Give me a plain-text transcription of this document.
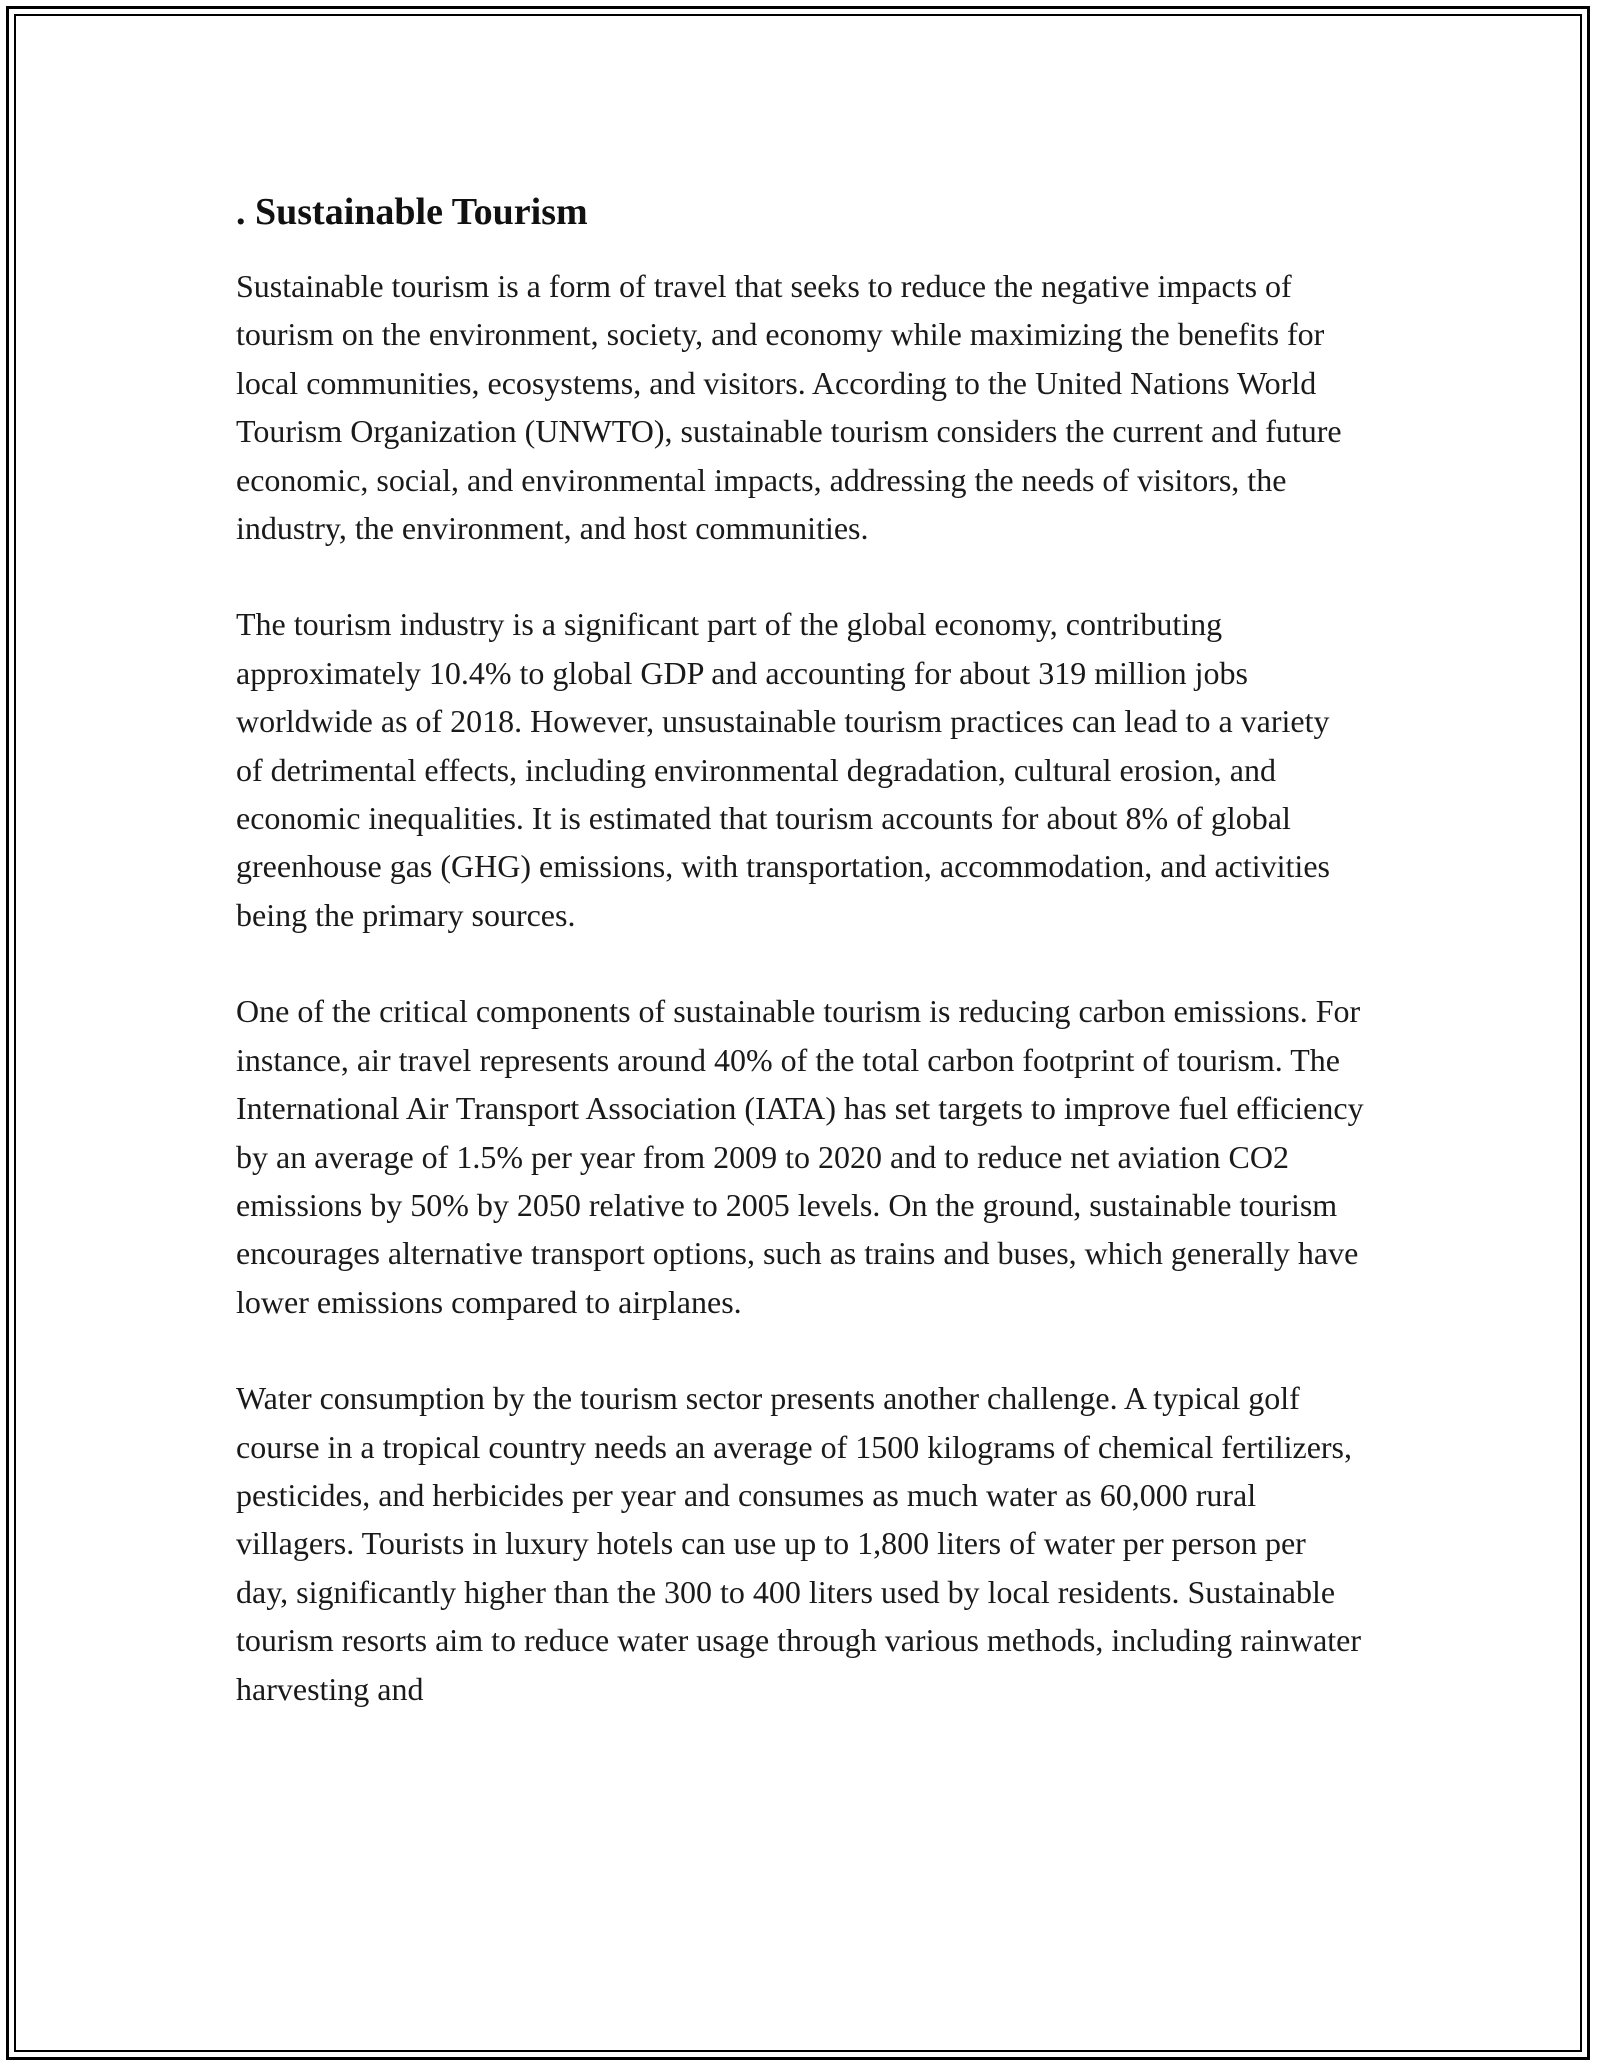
. Sustainable Tourism

Sustainable tourism is a form of travel that seeks to reduce the negative impacts of tourism on the environment, society, and economy while maximizing the benefits for local communities, ecosystems, and visitors. According to the United Nations World Tourism Organization (UNWTO), sustainable tourism considers the current and future economic, social, and environmental impacts, addressing the needs of visitors, the industry, the environment, and host communities.

The tourism industry is a significant part of the global economy, contributing approximately 10.4% to global GDP and accounting for about 319 million jobs worldwide as of 2018. However, unsustainable tourism practices can lead to a variety of detrimental effects, including environmental degradation, cultural erosion, and economic inequalities. It is estimated that tourism accounts for about 8% of global greenhouse gas (GHG) emissions, with transportation, accommodation, and activities being the primary sources.

One of the critical components of sustainable tourism is reducing carbon emissions. For instance, air travel represents around 40% of the total carbon footprint of tourism. The International Air Transport Association (IATA) has set targets to improve fuel efficiency by an average of 1.5% per year from 2009 to 2020 and to reduce net aviation CO2 emissions by 50% by 2050 relative to 2005 levels. On the ground, sustainable tourism encourages alternative transport options, such as trains and buses, which generally have lower emissions compared to airplanes.

Water consumption by the tourism sector presents another challenge. A typical golf course in a tropical country needs an average of 1500 kilograms of chemical fertilizers, pesticides, and herbicides per year and consumes as much water as 60,000 rural villagers. Tourists in luxury hotels can use up to 1,800 liters of water per person per day, significantly higher than the 300 to 400 liters used by local residents. Sustainable tourism resorts aim to reduce water usage through various methods, including rainwater harvesting and
